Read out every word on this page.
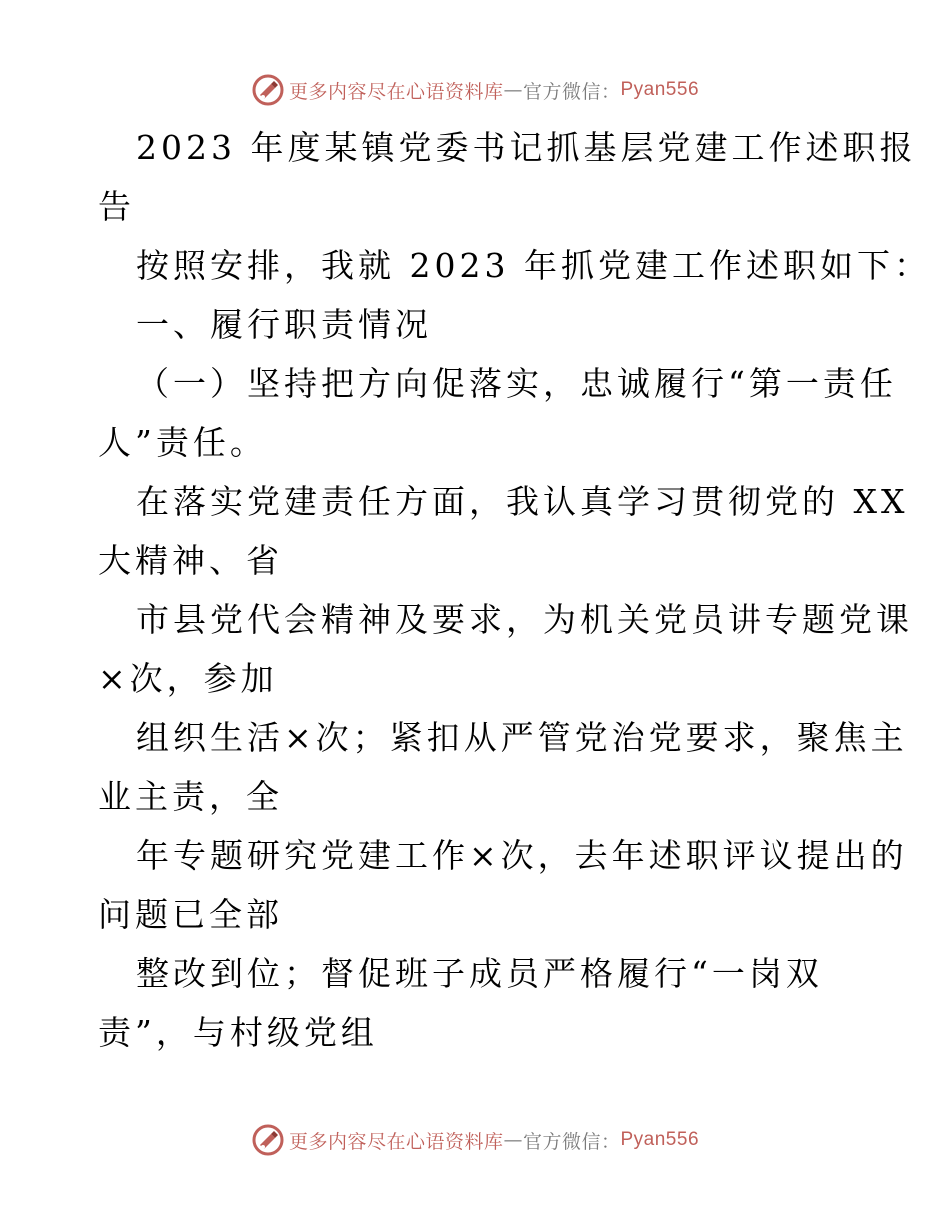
更多内容尽在心语资料库 — 官方微信： Pyan556
2023 年度某镇党委书记抓基层党建工作述职报
告
按照安排，我就 2023 年抓党建工作述职如下：
一、履行职责情况
（一）坚持把方向促落实，忠诚履行“第一责任
人”责任。
在落实党建责任方面，我认真学习贯彻党的 XX
大精神、省
市县党代会精神及要求，为机关党员讲专题党课
×次，参加
组织生活×次；紧扣从严管党治党要求，聚焦主
业主责，全
年专题研究党建工作×次，去年述职评议提出的
问题已全部
整改到位；督促班子成员严格履行“一岗双
责”，与村级党组
更多内容尽在心语资料库 — 官方微信： Pyan556
